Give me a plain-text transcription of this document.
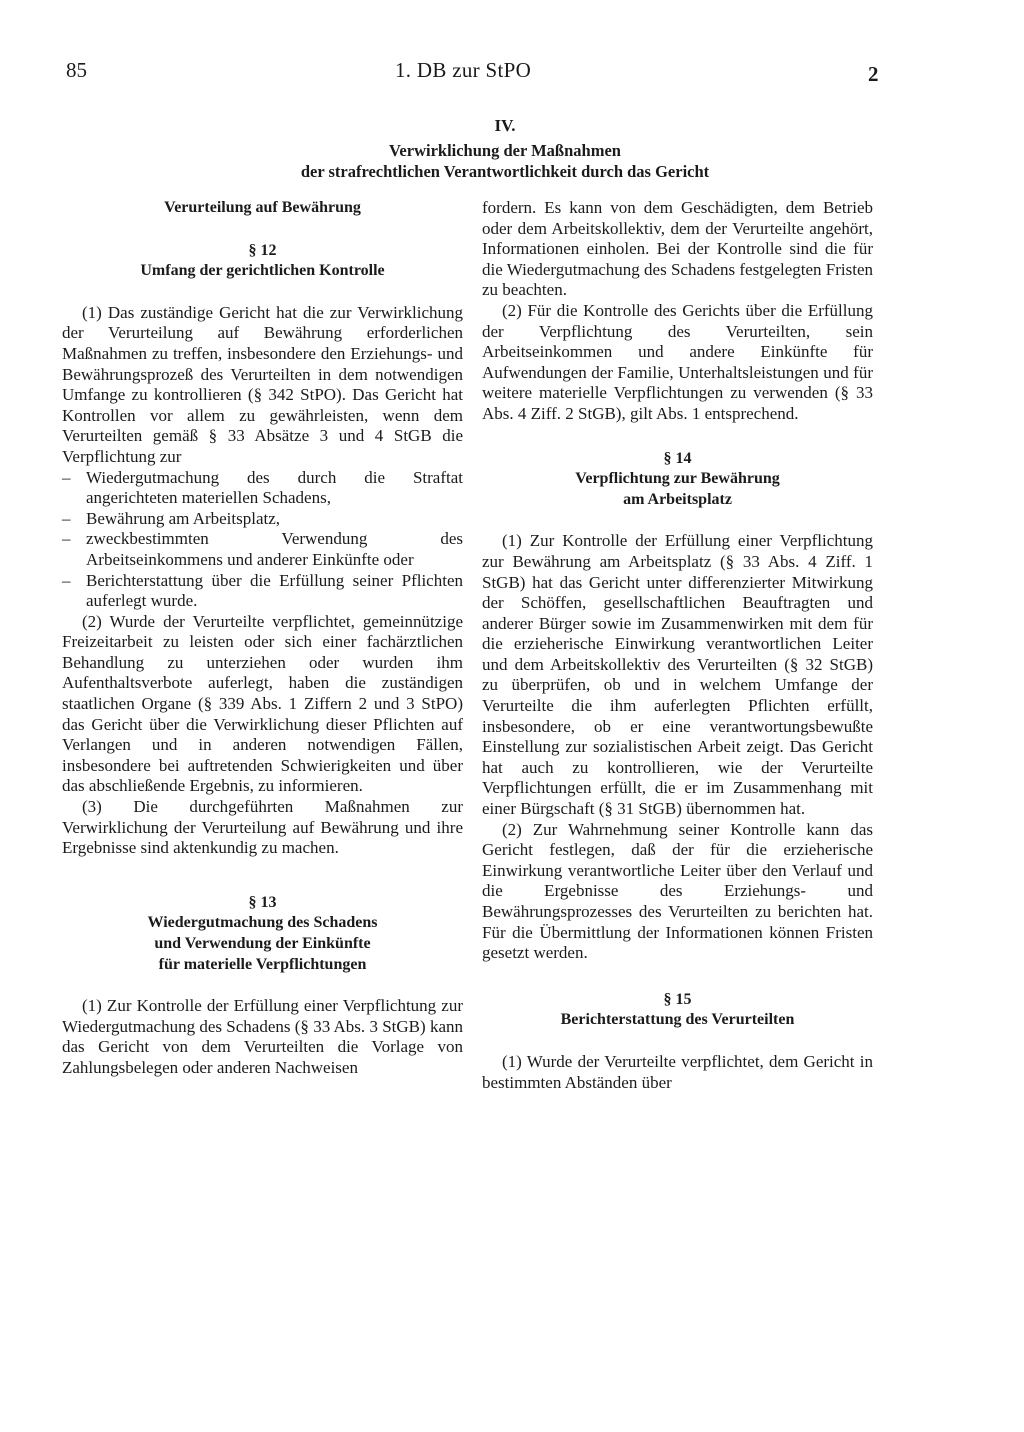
85	1. DB zur StPO	2
IV.
Verwirklichung der Maßnahmen
der strafrechtlichen Verantwortlichkeit durch das Gericht
Verurteilung auf Bewährung
§ 12
Umfang der gerichtlichen Kontrolle

(1) Das zuständige Gericht hat die zur Verwirklichung der Verurteilung auf Bewährung erforderlichen Maßnahmen zu treffen, insbesondere den Erziehungs- und Bewährungsprozeß des Verurteilten in dem notwendigen Umfange zu kontrollieren (§ 342 StPO). Das Gericht hat Kontrollen vor allem zu gewährleisten, wenn dem Verurteilten gemäß § 33 Absätze 3 und 4 StGB die Verpflichtung zur

– Wiedergutmachung des durch die Straftat angerichteten materiellen Schadens,
– Bewährung am Arbeitsplatz,
– zweckbestimmten Verwendung des Arbeitseinkommens und anderer Einkünfte oder
– Berichterstattung über die Erfüllung seiner Pflichten auferlegt wurde.

(2) Wurde der Verurteilte verpflichtet, gemeinnützige Freizeitarbeit zu leisten oder sich einer fachärztlichen Behandlung zu unterziehen oder wurden ihm Aufenthaltsverbote auferlegt, haben die zuständigen staatlichen Organe (§ 339 Abs. 1 Ziffern 2 und 3 StPO) das Gericht über die Verwirklichung dieser Pflichten auf Verlangen und in anderen notwendigen Fällen, insbesondere bei auftretenden Schwierigkeiten und über das abschließende Ergebnis, zu informieren.

(3) Die durchgeführten Maßnahmen zur Verwirklichung der Verurteilung auf Bewährung und ihre Ergebnisse sind aktenkundig zu machen.

§ 13
Wiedergutmachung des Schadens
und Verwendung der Einkünfte
für materielle Verpflichtungen

(1) Zur Kontrolle der Erfüllung einer Verpflichtung zur Wiedergutmachung des Schadens (§ 33 Abs. 3 StGB) kann das Gericht von dem Verurteilten die Vorlage von Zahlungsbelegen oder anderen Nachweisen

fordern. Es kann von dem Geschädigten, dem Betrieb oder dem Arbeitskollektiv, dem der Verurteilte angehört, Informationen einholen. Bei der Kontrolle sind die für die Wiedergutmachung des Schadens festgelegten Fristen zu beachten.

(2) Für die Kontrolle des Gerichts über die Erfüllung der Verpflichtung des Verurteilten, sein Arbeitseinkommen und andere Einkünfte für Aufwendungen der Familie, Unterhaltsleistungen und für weitere materielle Verpflichtungen zu verwenden (§ 33 Abs. 4 Ziff. 2 StGB), gilt Abs. 1 entsprechend.

§ 14
Verpflichtung zur Bewährung
am Arbeitsplatz

(1) Zur Kontrolle der Erfüllung einer Verpflichtung zur Bewährung am Arbeitsplatz (§ 33 Abs. 4 Ziff. 1 StGB) hat das Gericht unter differenzierter Mitwirkung der Schöffen, gesellschaftlichen Beauftragten und anderer Bürger sowie im Zusammenwirken mit dem für die erzieherische Einwirkung verantwortlichen Leiter und dem Arbeitskollektiv des Verurteilten (§ 32 StGB) zu überprüfen, ob und in welchem Umfange der Verurteilte die ihm auferlegten Pflichten erfüllt, insbesondere, ob er eine verantwortungsbewußte Einstellung zur sozialistischen Arbeit zeigt. Das Gericht hat auch zu kontrollieren, wie der Verurteilte Verpflichtungen erfüllt, die er im Zusammenhang mit einer Bürgschaft (§ 31 StGB) übernommen hat.

(2) Zur Wahrnehmung seiner Kontrolle kann das Gericht festlegen, daß der für die erzieherische Einwirkung verantwortliche Leiter über den Verlauf und die Ergebnisse des Erziehungs- und Bewährungsprozesses des Verurteilten zu berichten hat. Für die Übermittlung der Informationen können Fristen gesetzt werden.

§ 15
Berichterstattung des Verurteilten

(1) Wurde der Verurteilte verpflichtet, dem Gericht in bestimmten Abständen über
